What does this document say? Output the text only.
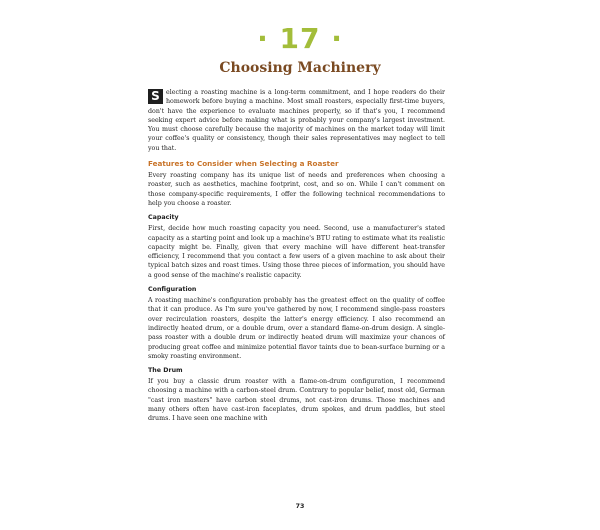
· 17 ·
Choosing Machinery

S electing a roasting machine is a long-term commitment, and I hope readers do their homework before buying a machine. Most small roasters, especially first-time buyers, don't have the experience to evaluate machines properly, so if that's you, I recommend seeking expert advice before making what is probably your company's largest investment. You must choose carefully because the majority of machines on the market today will limit your coffee's quality or consistency, though their sales representatives may neglect to tell you that.

Features to Consider when Selecting a Roaster

Every roasting company has its unique list of needs and preferences when choosing a roaster, such as aesthetics, machine footprint, cost, and so on. While I can't comment on those company-specific requirements, I offer the following technical recommendations to help you choose a roaster.

Capacity

First, decide how much roasting capacity you need. Second, use a manufacturer's stated capacity as a starting point and look up a machine's BTU rating to estimate what its realistic capacity might be. Finally, given that every machine will have different heat-transfer efficiency, I recommend that you contact a few users of a given machine to ask about their typical batch sizes and roast times. Using those three pieces of information, you should have a good sense of the machine's realistic capacity.

Configuration

A roasting machine's configuration probably has the greatest effect on the quality of coffee that it can produce. As I'm sure you've gathered by now, I recommend single-pass roasters over recirculation roasters, despite the latter's energy efficiency. I also recommend an indirectly heated drum, or a double drum, over a standard flame-on-drum design. A single-pass roaster with a double drum or indirectly heated drum will maximize your chances of producing great coffee and minimize potential flavor taints due to bean-surface burning or a smoky roasting environment.

The Drum

If you buy a classic drum roaster with a flame-on-drum configuration, I recommend choosing a machine with a carbon-steel drum. Contrary to popular belief, most old, German "cast iron masters" have carbon steel drums, not cast-iron drums. Those machines and many others often have cast-iron faceplates, drum spokes, and drum paddles, but steel drums. I have seen one machine with

73
